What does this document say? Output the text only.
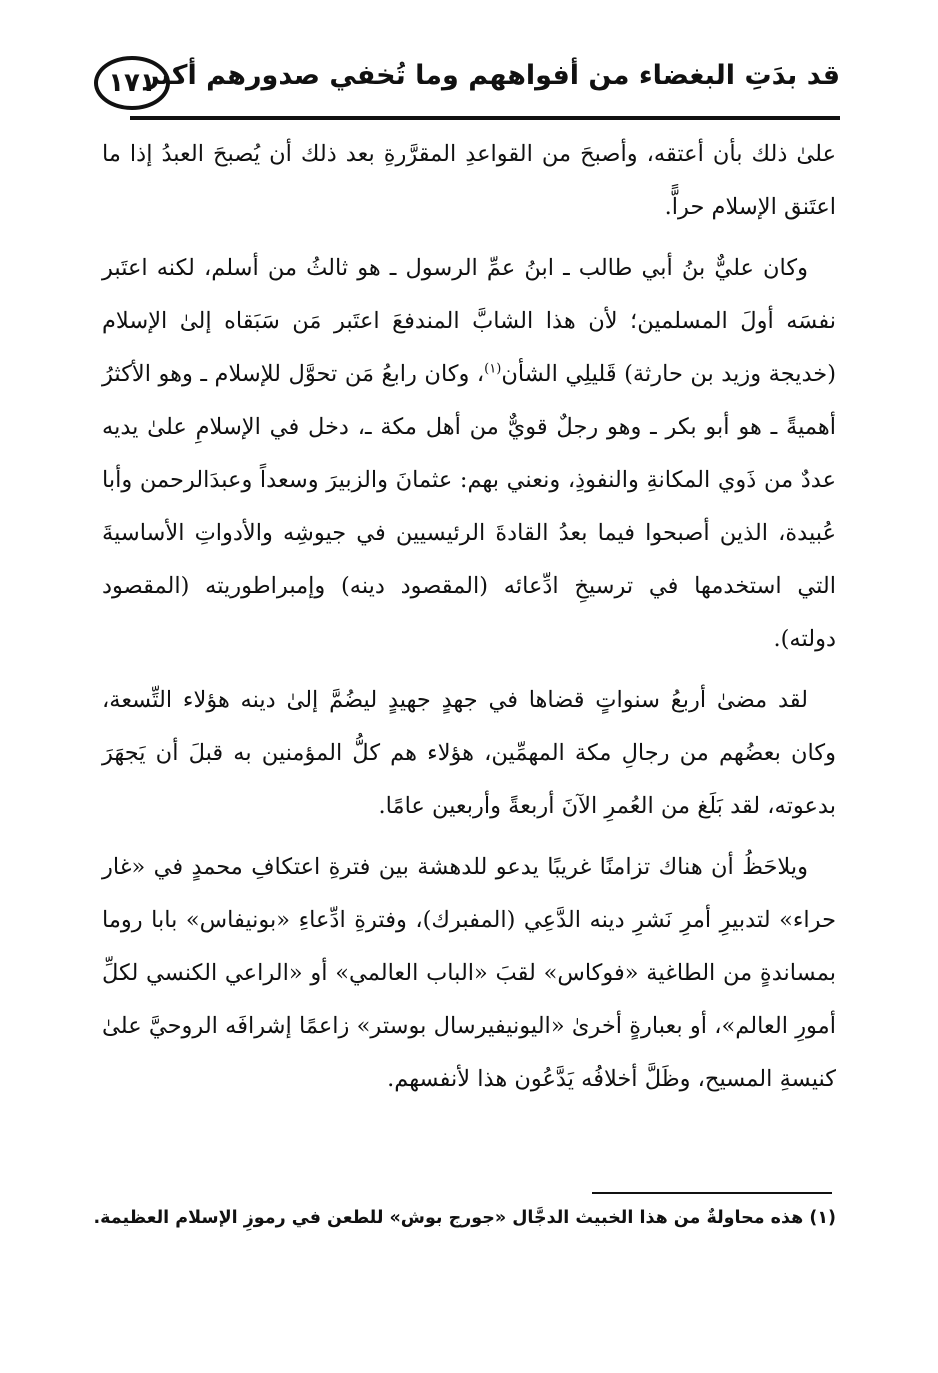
١٧١
قد بدَتِ البغضاء من أفواههم وما تُخفي صدورهم أكبر

علىٰ ذلك بأن أعتقه، وأصبحَ من القواعدِ المقرَّرةِ بعد ذلك أن يُصبحَ العبدُ إذا ما اعتَنق الإسلام حراًّ.

وكان عليٌّ بنُ أبي طالب ـ ابنُ عمِّ الرسول ـ هو ثالثُ من أسلم، لكنه اعتَبر نفسَه أولَ المسلمين؛ لأن هذا الشابَّ المندفعَ اعتَبر مَن سَبَقاه إلىٰ الإسلام (خديجة وزيد بن حارثة) قَليلِي الشأن$^{(١)}$، وكان رابعُ مَن تحوَّل للإسلام ـ وهو الأكثرُ أهميةً ـ هو أبو بكر ـ وهو رجلٌ قويٌّ من أهل مكة ـ، دخل في الإسلامِ علىٰ يديه عددٌ من ذَوي المكانةِ والنفوذِ، ونعني بهم: عثمانَ والزبيرَ وسعداً وعبدَالرحمن وأبا عُبيدة، الذين أصبحوا فيما بعدُ القادةَ الرئيسيين في جيوشِه والأدواتِ الأساسيةَ التي استخدمها في ترسيخِ ادِّعائه (المقصود دينه) وإمبراطوريته (المقصود دولته).

لقد مضىٰ أربعُ سنواتٍ قضاها في جهدٍ جهيدٍ ليضُمَّ إلىٰ دينه هؤلاء التِّسعة، وكان بعضُهم من رجالِ مكة المهمِّين، هؤلاء هم كلُّ المؤمنين به قبلَ أن يَجهَرَ بدعوته، لقد بَلَغ من العُمرِ الآنَ أربعةً وأربعين عامًا.

ويلاحَظُ أن هناك تزامنًا غريبًا يدعو للدهشة بين فترةِ اعتكافِ محمدٍ في «غار حراء» لتدبيرِ أمرِ نَشرِ دينه الدَّعِي (المفبرك)، وفترةِ ادِّعاءِ «بونيفاس» بابا روما بمساندةٍ من الطاغية «فوكاس» لقبَ «الباب العالمي» أو «الراعي الكنسي لكلِّ أمورِ العالم»، أو بعبارةٍ أخرىٰ «اليونيفيرسال بوستر» زاعمًا إشرافَه الروحيَّ علىٰ كنيسةِ المسيح، وظَلَّ أخلافُه يَدَّعُون هذا لأنفسهم.

(١) هذه محاولةٌ من هذا الخبيث الدجَّال «جورج بوش» للطعن في رموزِ الإسلام العظيمة.
